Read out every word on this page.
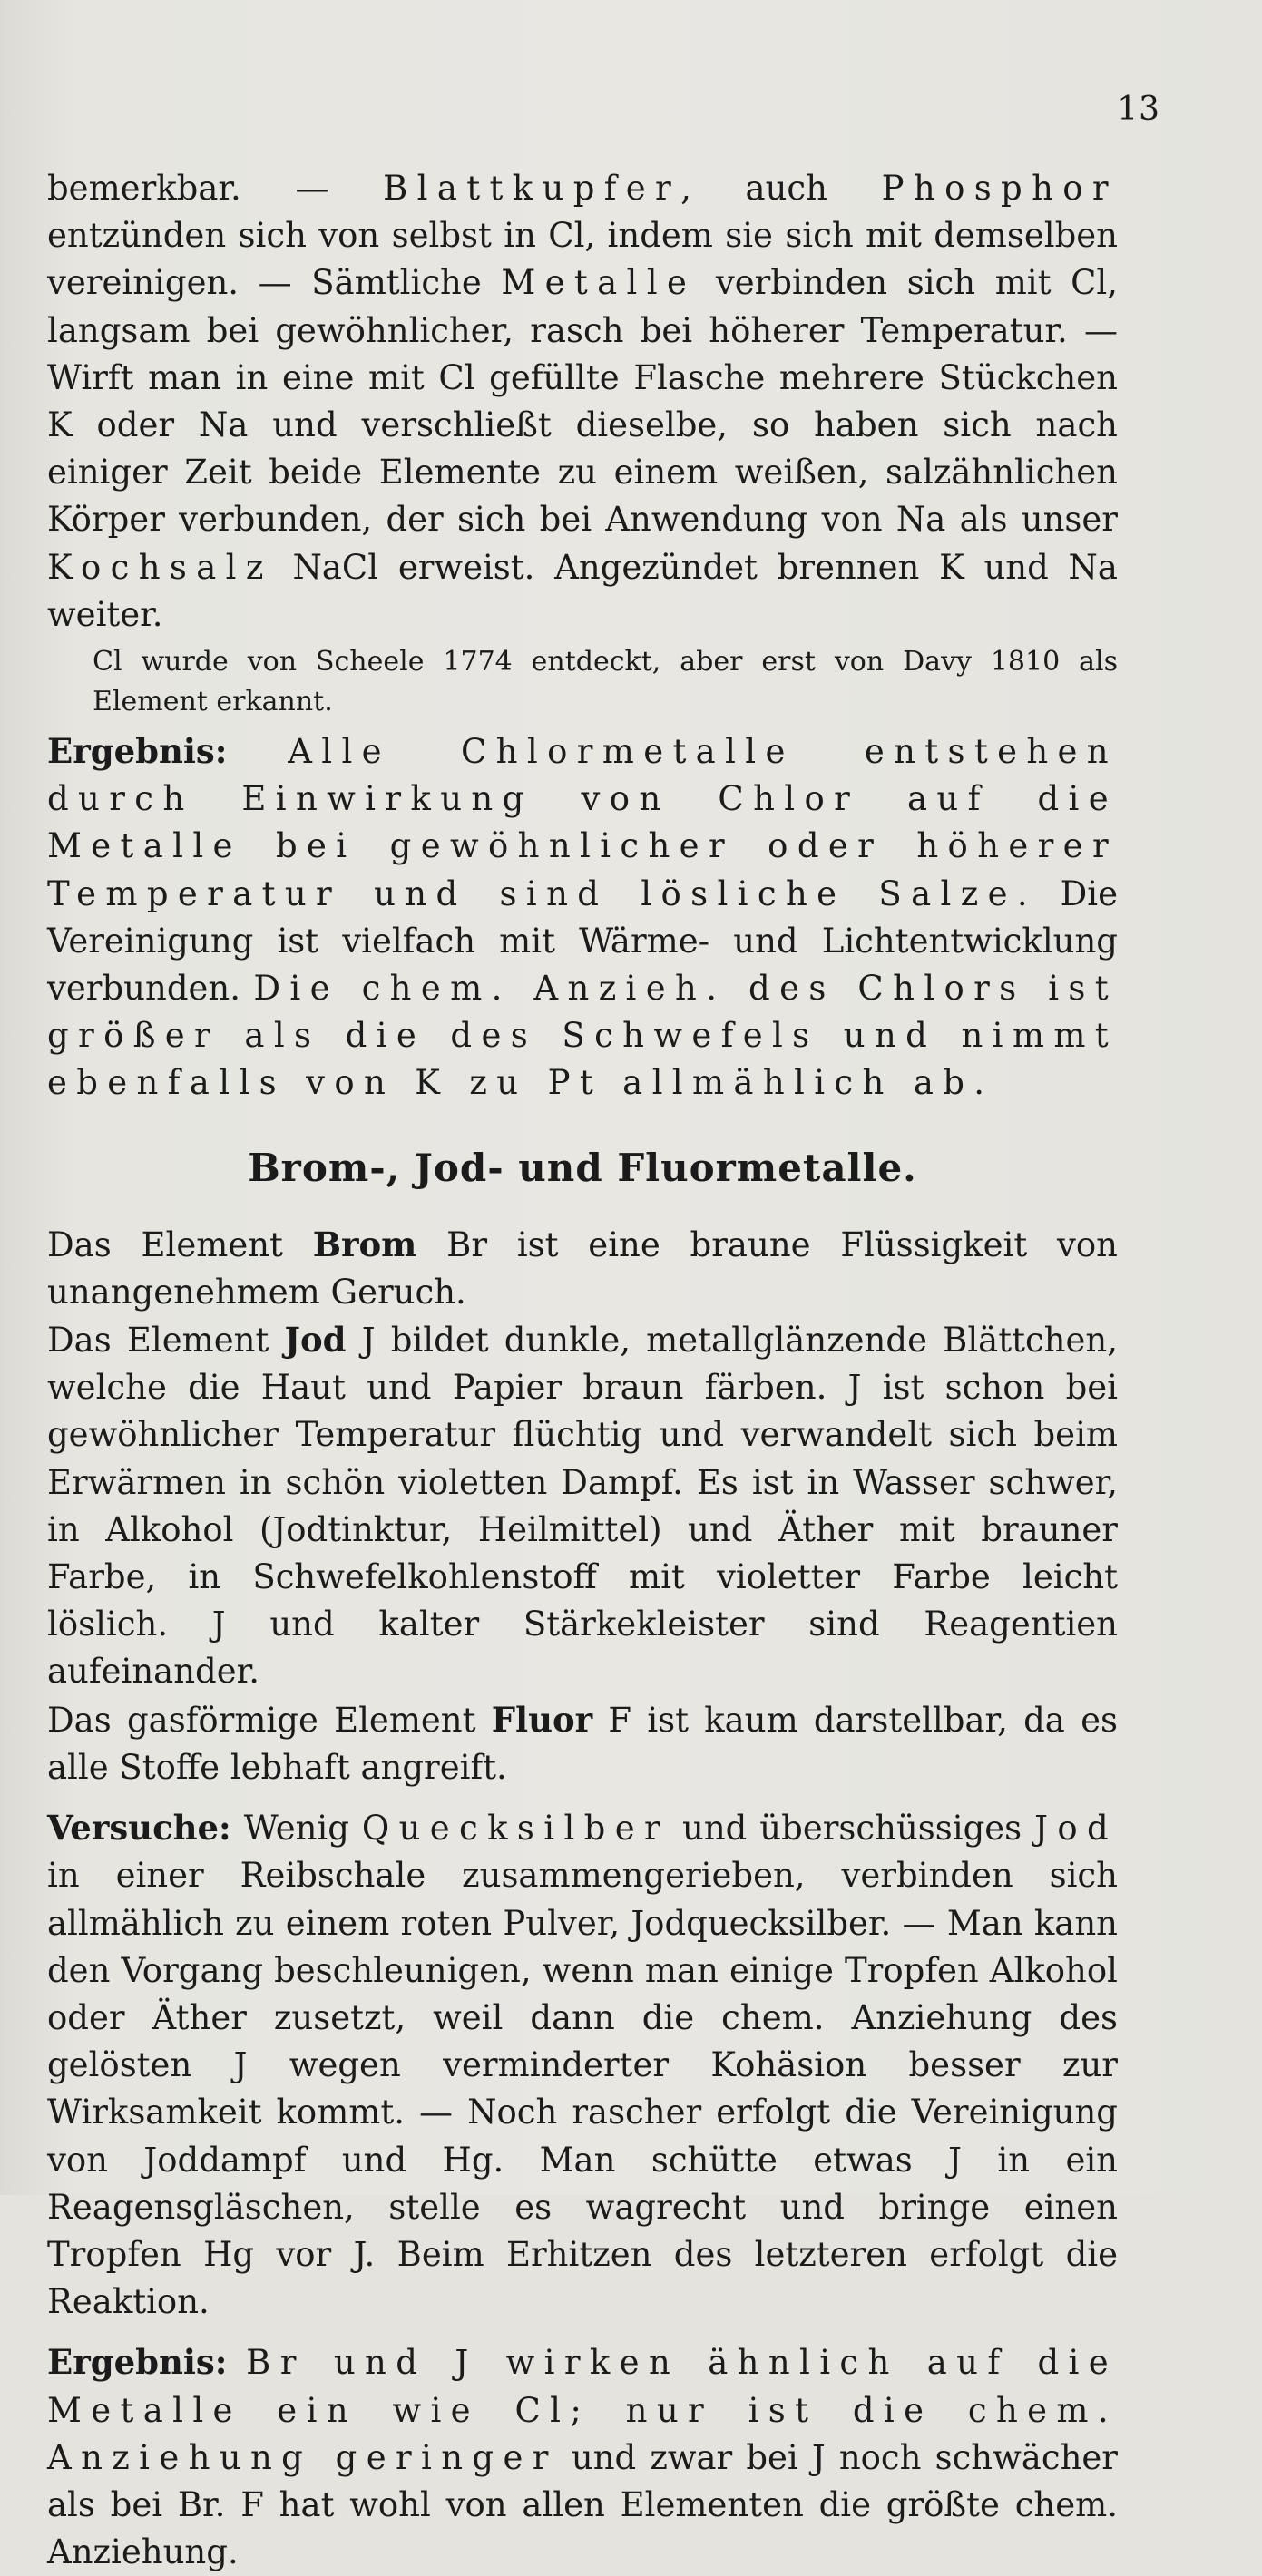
13

bemerkbar. — Blattkupfer, auch Phosphor entzünden sich von selbst in Cl, indem sie sich mit demselben vereinigen. — Sämtliche Metalle verbinden sich mit Cl, langsam bei gewöhnlicher, rasch bei höherer Temperatur. — Wirft man in eine mit Cl gefüllte Flasche mehrere Stückchen K oder Na und verschließt dieselbe, so haben sich nach einiger Zeit beide Elemente zu einem weißen, salzähnlichen Körper verbunden, der sich bei Anwendung von Na als unser Kochsalz NaCl erweist. Angezündet brennen K und Na weiter.

Cl wurde von Scheele 1774 entdeckt, aber erst von Davy 1810 als Element erkannt.

Ergebnis: Alle Chlormetalle entstehen durch Einwirkung von Chlor auf die Metalle bei gewöhnlicher oder höherer Temperatur und sind lösliche Salze. Die Vereinigung ist vielfach mit Wärme- und Lichtentwicklung verbunden. Die chem. Anzieh. des Chlors ist größer als die des Schwefels und nimmt ebenfalls von K zu Pt allmählich ab.

Brom-, Jod- und Fluormetalle.

Das Element Brom Br ist eine braune Flüssigkeit von unangenehmem Geruch.

Das Element Jod J bildet dunkle, metallglänzende Blättchen, welche die Haut und Papier braun färben. J ist schon bei gewöhnlicher Temperatur flüchtig und verwandelt sich beim Erwärmen in schön violetten Dampf. Es ist in Wasser schwer, in Alkohol (Jodtinktur, Heilmittel) und Äther mit brauner Farbe, in Schwefelkohlenstoff mit violetter Farbe leicht löslich. J und kalter Stärkekleister sind Reagentien aufeinander.

Das gasförmige Element Fluor F ist kaum darstellbar, da es alle Stoffe lebhaft angreift.

Versuche: Wenig Quecksilber und überschüssiges Jod in einer Reibschale zusammengerieben, verbinden sich allmählich zu einem roten Pulver, Jodquecksilber. — Man kann den Vorgang beschleunigen, wenn man einige Tropfen Alkohol oder Äther zusetzt, weil dann die chem. Anziehung des gelösten J wegen verminderter Kohäsion besser zur Wirksamkeit kommt. — Noch rascher erfolgt die Vereinigung von Joddampf und Hg. Man schütte etwas J in ein Reagensgläschen, stelle es wagrecht und bringe einen Tropfen Hg vor J. Beim Erhitzen des letzteren erfolgt die Reaktion.

Ergebnis: Br und J wirken ähnlich auf die Metalle ein wie Cl; nur ist die chem. Anziehung geringer und zwar bei J noch schwächer als bei Br. F hat wohl von allen Elementen die größte chem. Anziehung.
